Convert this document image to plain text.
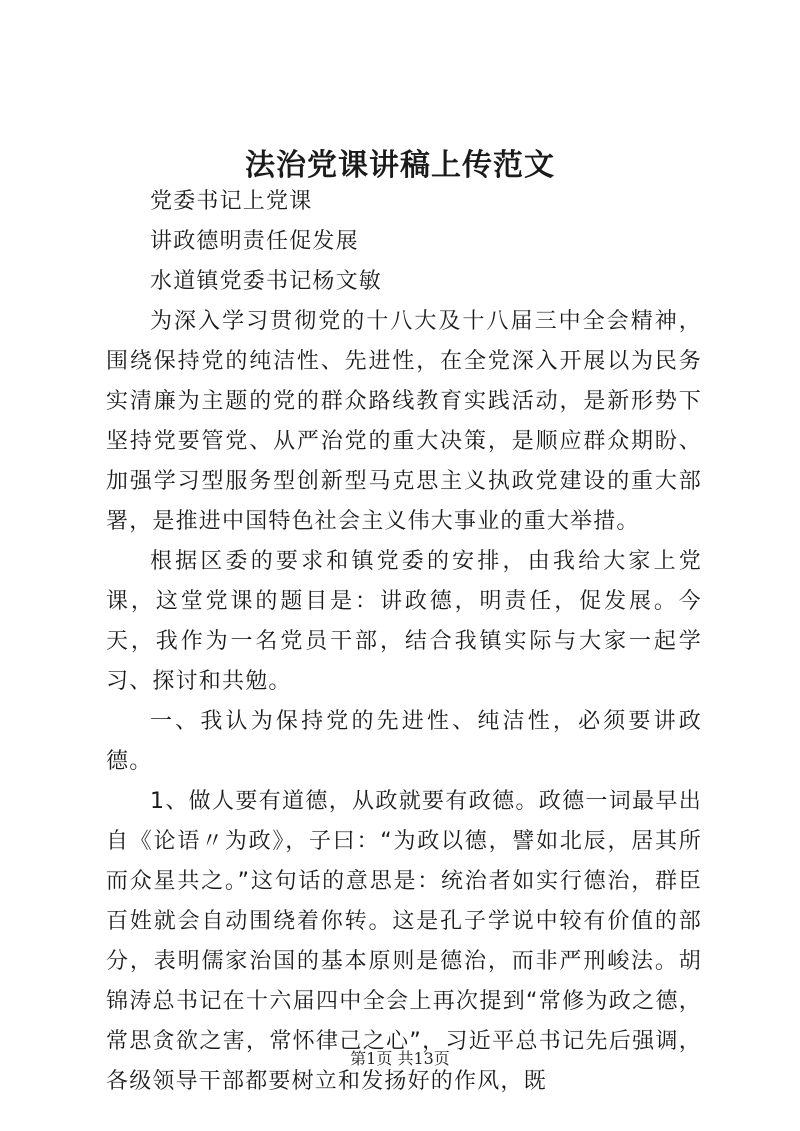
法治党课讲稿上传范文

党委书记上党课

讲政德明责任促发展

水道镇党委书记杨文敏

为深入学习贯彻党的十八大及十八届三中全会精神，围绕保持党的纯洁性、先进性，在全党深入开展以为民务实清廉为主题的党的群众路线教育实践活动，是新形势下坚持党要管党、从严治党的重大决策，是顺应群众期盼、加强学习型服务型创新型马克思主义执政党建设的重大部署，是推进中国特色社会主义伟大事业的重大举措。

根据区委的要求和镇党委的安排，由我给大家上党课，这堂党课的题目是：讲政德，明责任，促发展。今天，我作为一名党员干部，结合我镇实际与大家一起学习、探讨和共勉。

一、我认为保持党的先进性、纯洁性，必须要讲政德。

1、做人要有道德，从政就要有政德。政德一词最早出自《论语〃为政》，子曰：“为政以德，譬如北辰，居其所而众星共之。”这句话的意思是：统治者如实行德治，群臣百姓就会自动围绕着你转。这是孔子学说中较有价值的部分，表明儒家治国的基本原则是德治，而非严刑峻法。胡锦涛总书记在十六届四中全会上再次提到“常修为政之德，常思贪欲之害，常怀律己之心”，习近平总书记先后强调，各级领导干部都要树立和发扬好的作风，既

第1页 共13页
